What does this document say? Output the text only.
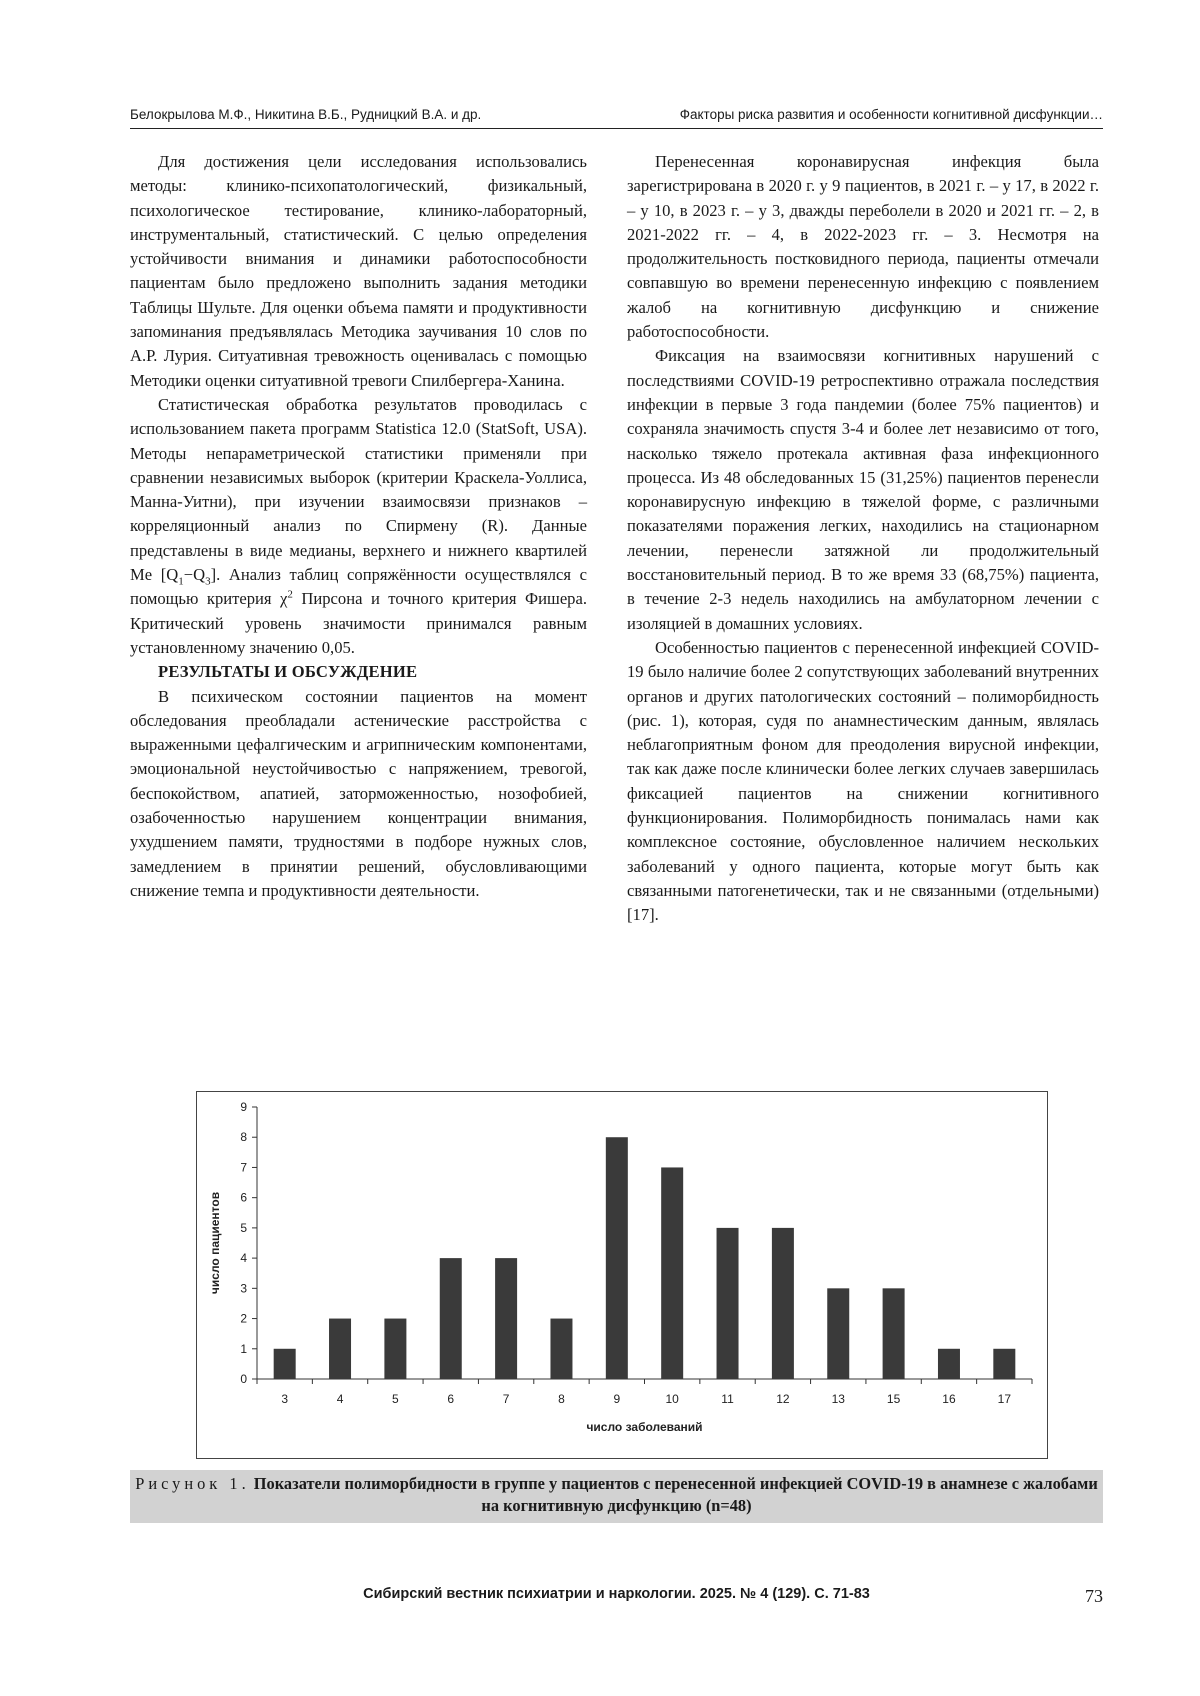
Белокрылова М.Ф., Никитина В.Б., Рудницкий В.А. и др.	Факторы риска развития и особенности когнитивной дисфункции…

Для достижения цели исследования использовались методы: клинико-психопатологический, физикальный, психологическое тестирование, клинико-лабораторный, инструментальный, статистический. С целью определения устойчивости внимания и динамики работоспособности пациентам было предложено выполнить задания методики Таблицы Шульте. Для оценки объема памяти и продуктивности запоминания предъявлялась Методика заучивания 10 слов по А.Р. Лурия. Ситуативная тревожность оценивалась с помощью Методики оценки ситуативной тревоги Спилбергера-Ханина.

Статистическая обработка результатов проводилась с использованием пакета программ Statistica 12.0 (StatSoft, USA). Методы непараметрической статистики применяли при сравнении независимых выборок (критерии Краскела-Уоллиса, Манна-Уитни), при изучении взаимосвязи признаков – корреляционный анализ по Спирмену (R). Данные представлены в виде медианы, верхнего и нижнего квартилей Me $[Q_1-Q_3]$. Анализ таблиц сопряжённости осуществлялся с помощью критерия $\chi^2$ Пирсона и точного критерия Фишера. Критический уровень значимости принимался равным установленному значению 0,05.

РЕЗУЛЬТАТЫ И ОБСУЖДЕНИЕ

В психическом состоянии пациентов на момент обследования преобладали астенические расстройства с выраженными цефалгическим и агрипническим компонентами, эмоциональной неустойчивостью с напряжением, тревогой, беспокойством, апатией, заторможенностью, нозофобией, озабоченностью нарушением концентрации внимания, ухудшением памяти, трудностями в подборе нужных слов, замедлением в принятии решений, обусловливающими снижение темпа и продуктивности деятельности.

Перенесенная коронавирусная инфекция была зарегистрирована в 2020 г. у 9 пациентов, в 2021 г. – у 17, в 2022 г. – у 10, в 2023 г. – у 3, дважды переболели в 2020 и 2021 гг. – 2, в 2021-2022 гг. – 4, в 2022-2023 гг. – 3. Несмотря на продолжительность постковидного периода, пациенты отмечали совпавшую во времени перенесенную инфекцию с появлением жалоб на когнитивную дисфункцию и снижение работоспособности.

Фиксация на взаимосвязи когнитивных нарушений с последствиями COVID-19 ретроспективно отражала последствия инфекции в первые 3 года пандемии (более 75% пациентов) и сохраняла значимость спустя 3-4 и более лет независимо от того, насколько тяжело протекала активная фаза инфекционного процесса. Из 48 обследованных 15 (31,25%) пациентов перенесли коронавирусную инфекцию в тяжелой форме, с различными показателями поражения легких, находились на стационарном лечении, перенесли затяжной ли продолжительный восстановительный период. В то же время 33 (68,75%) пациента, в течение 2-3 недель находились на амбулаторном лечении с изоляцией в домашних условиях.

Особенностью пациентов с перенесенной инфекцией COVID-19 было наличие более 2 сопутствующих заболеваний внутренних органов и других патологических состояний – полиморбидность (рис. 1), которая, судя по анамнестическим данным, являлась неблагоприятным фоном для преодоления вирусной инфекции, так как даже после клинически более легких случаев завершилась фиксацией пациентов на снижении когнитивного функционирования. Полиморбидность понималась нами как комплексное состояние, обусловленное наличием нескольких заболеваний у одного пациента, которые могут быть как связанными патогенетически, так и не связанными (отдельными) [17].

0
1
2
3
4
5
6
7
8
9
3	4	5	6	7	8	9	10	11	12	13	15	16	17
число заболеваний
число пациентов
Рисунок 1. Показатели полиморбидности в группе у пациентов с перенесенной инфекцией COVID-19 в анамнезе с жалобами на когнитивную дисфункцию (n=48)
Сибирский вестник психиатрии и наркологии. 2025. № 4 (129). С. 71-83	73
